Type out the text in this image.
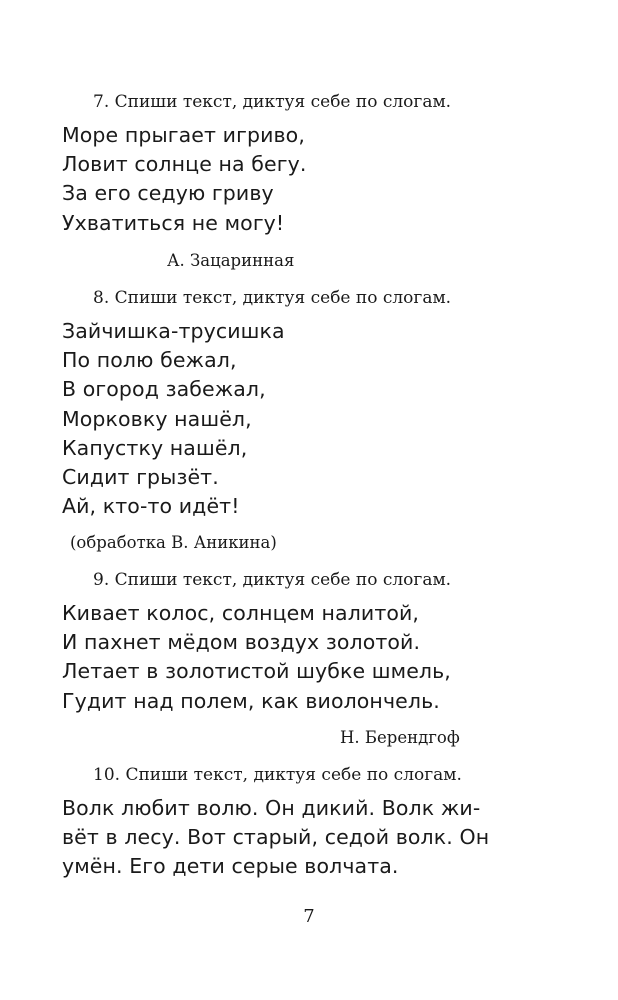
7. Спиши текст, диктуя себе по слогам.
Море прыгает игриво,
Ловит солнце на бегу.
За его седую гриву
Ухватиться не могу!
А. Зацаринная
8. Спиши текст, диктуя себе по слогам.
Зайчишка-трусишка
По полю бежал,
В огород забежал,
Морковку нашёл,
Капустку нашёл,
Сидит грызёт.
Ай, кто-то идёт!
(обработка В. Аникина)
9. Спиши текст, диктуя себе по слогам.
Кивает колос, солнцем налитой,
И пахнет мёдом воздух золотой.
Летает в золотистой шубке шмель,
Гудит над полем, как виолончель.
Н. Берендгоф
10. Спиши текст, диктуя себе по слогам.
Волк любит волю. Он дикий. Волк жи-
вёт в лесу. Вот старый, седой волк. Он
умён. Его дети серые волчата.
7
